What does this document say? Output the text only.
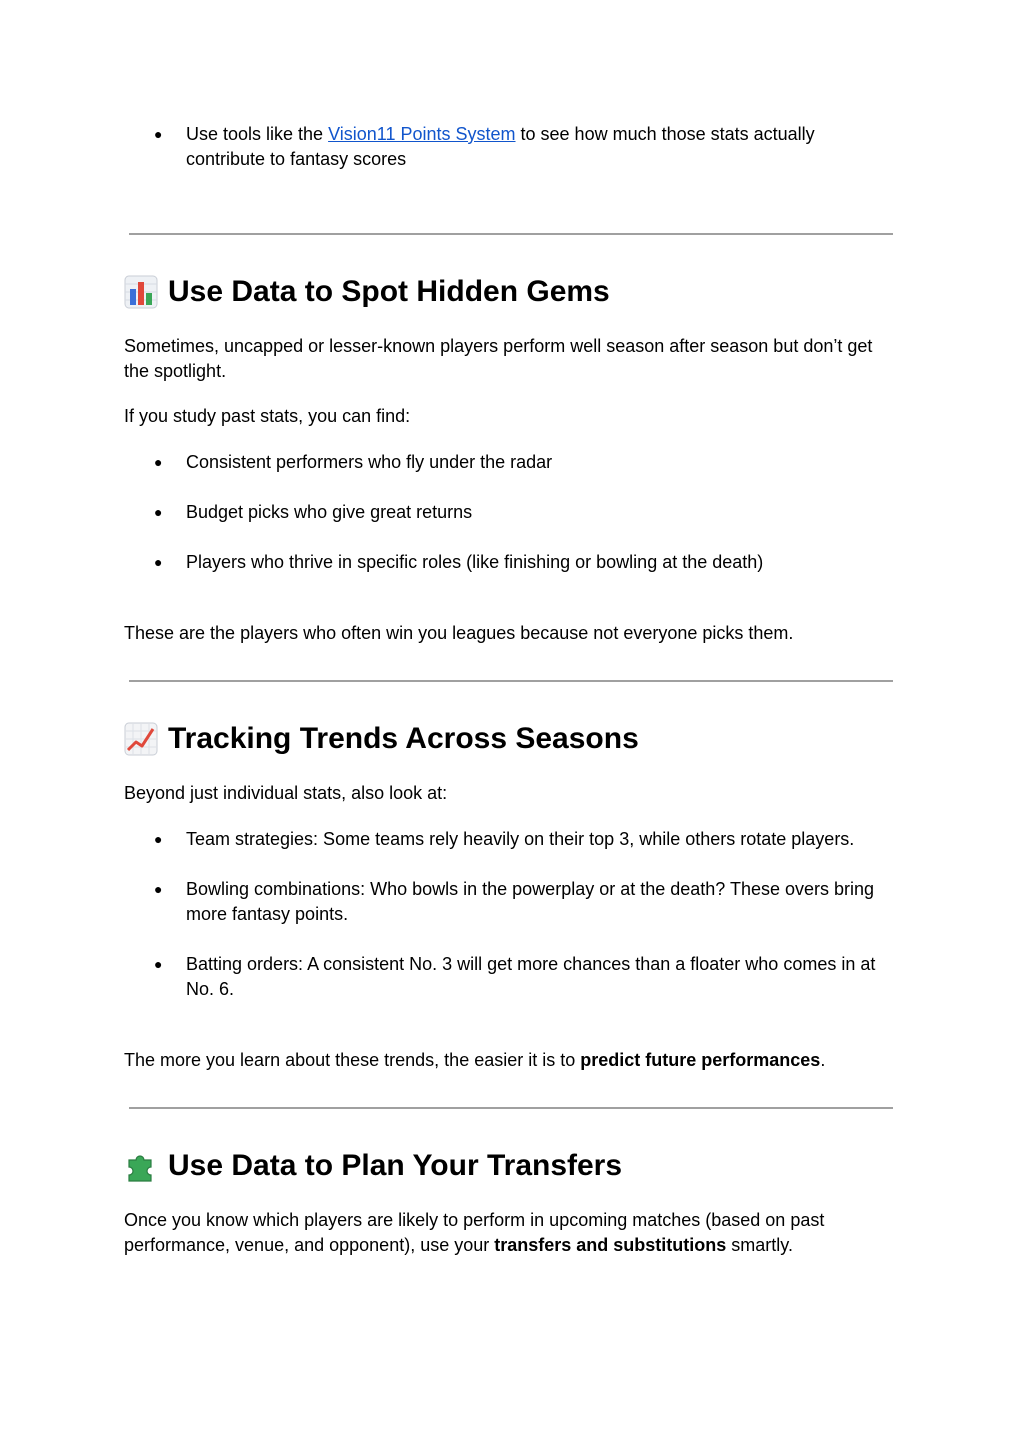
● Use tools like the Vision11 Points System to see how much those stats actually contribute to fantasy scores
Use Data to Spot Hidden Gems

Sometimes, uncapped or lesser-known players perform well season after season but don’t get the spotlight.

If you study past stats, you can find:

● Consistent performers who fly under the radar
● Budget picks who give great returns
● Players who thrive in specific roles (like finishing or bowling at the death)

These are the players who often win you leagues because not everyone picks them.

Tracking Trends Across Seasons

Beyond just individual stats, also look at:

● Team strategies: Some teams rely heavily on their top 3, while others rotate players.
● Bowling combinations: Who bowls in the powerplay or at the death? These overs bring more fantasy points.
● Batting orders: A consistent No. 3 will get more chances than a floater who comes in at No. 6.

The more you learn about these trends, the easier it is to predict future performances.

Use Data to Plan Your Transfers

Once you know which players are likely to perform in upcoming matches (based on past performance, venue, and opponent), use your transfers and substitutions smartly.
